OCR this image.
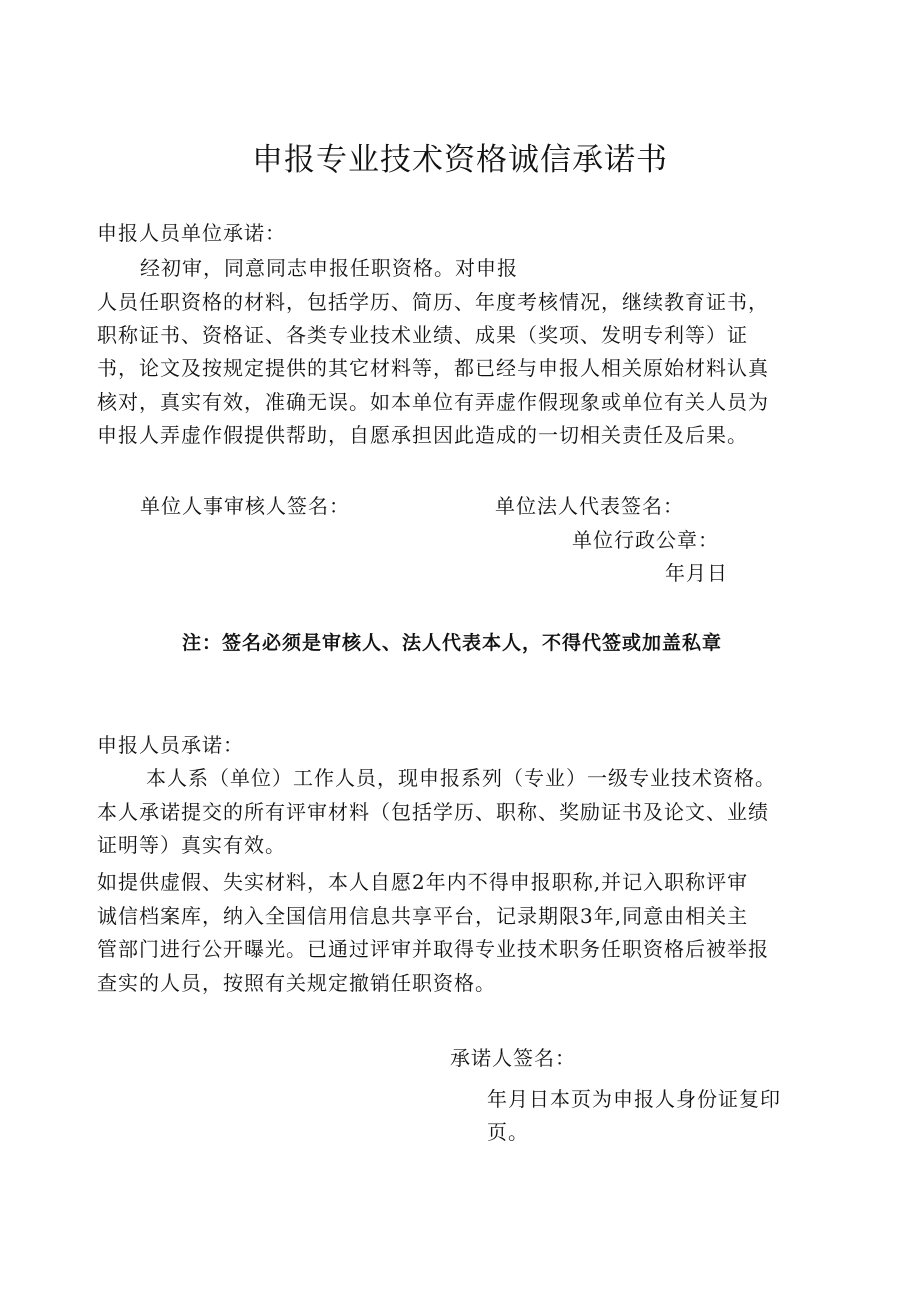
申报专业技术资格诚信承诺书
申报人员单位承诺：
经初审，同意同志申报任职资格。对申报
人员任职资格的材料，包括学历、简历、年度考核情况，继续教育证书，
职称证书、资格证、各类专业技术业绩、成果（奖项、发明专利等）证
书，论文及按规定提供的其它材料等，都已经与申报人相关原始材料认真
核对，真实有效，准确无误。如本单位有弄虚作假现象或单位有关人员为
申报人弄虚作假提供帮助，自愿承担因此造成的一切相关责任及后果。
单位人事审核人签名：	单位法人代表签名：
单位行政公章：
年月日
注：签名必须是审核人、法人代表本人，不得代签或加盖私章
申报人员承诺：
本人系（单位）工作人员，现申报系列（专业）一级专业技术资格。
本人承诺提交的所有评审材料（包括学历、职称、奖励证书及论文、业绩
证明等）真实有效。
如提供虚假、失实材料，本人自愿2年内不得申报职称,并记入职称评审
诚信档案库，纳入全国信用信息共享平台，记录期限3年,同意由相关主
管部门进行公开曝光。已通过评审并取得专业技术职务任职资格后被举报
查实的人员，按照有关规定撤销任职资格。
承诺人签名：
年月日本页为申报人身份证复印
页。
